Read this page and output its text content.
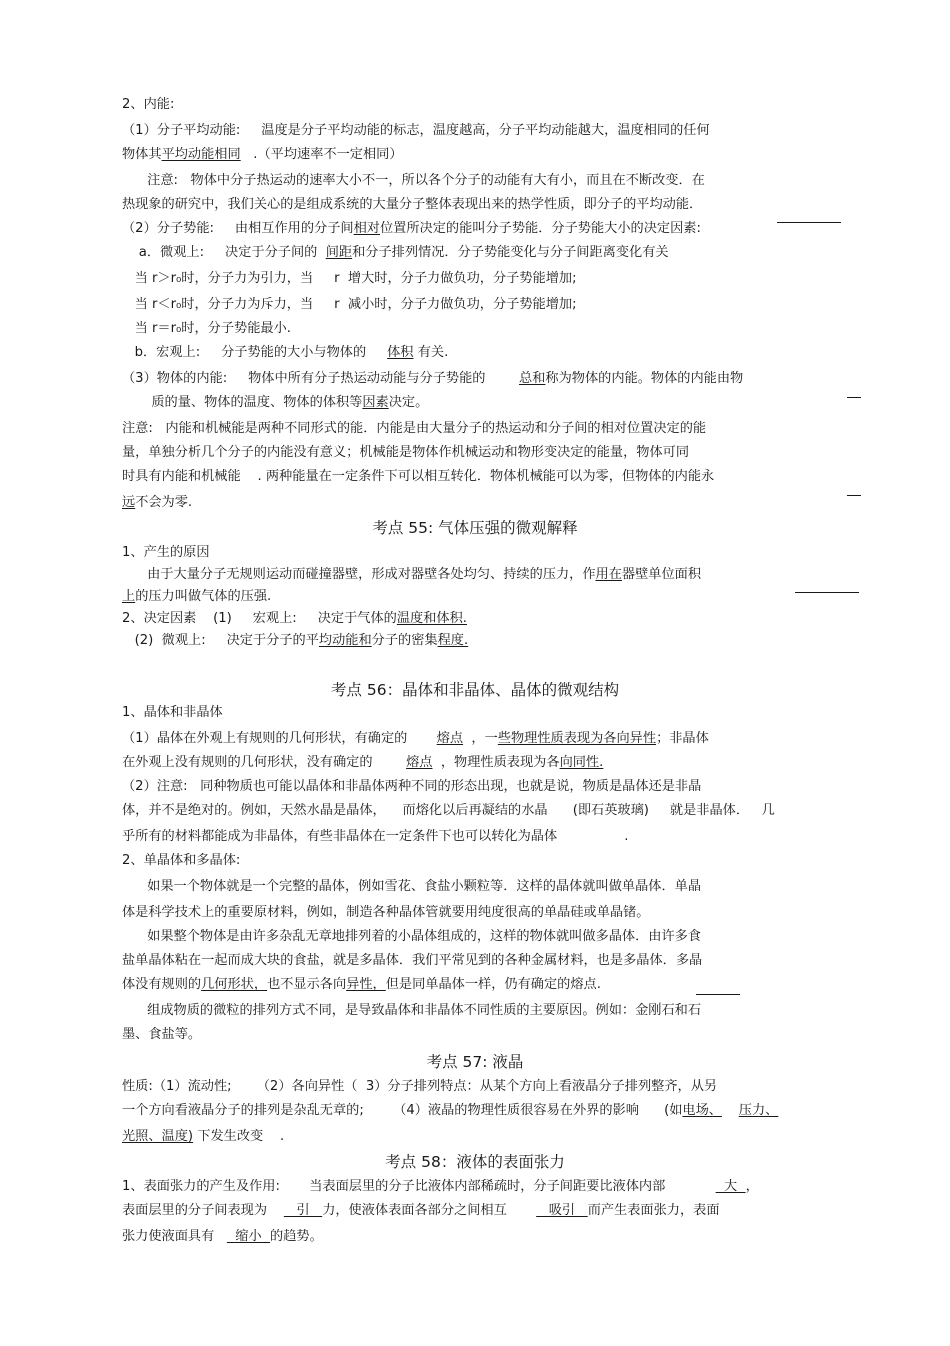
2、内能:
（1）分子平均动能:     温度是分子平均动能的标志，温度越高，分子平均动能越大，温度相同的任何
物体其平均动能相同   .（平均速率不一定相同）
注意:   物体中分子热运动的速率大小不一，所以各个分子的动能有大有小，而且在不断改变．在
热现象的研究中，我们关心的是组成系统的大量分子整体表现出来的热学性质，即分子的平均动能．
（2）分子势能:     由相互作用的分子间相对位置所决定的能叫分子势能．分子势能大小的决定因素:
a．微观上:     决定于分子间的  间距和分子排列情况．分子势能变化与分子间距离变化有关
当 r＞r₀时，分子力为引力，当     r  增大时，分子力做负功，分子势能增加;
当 r＜r₀时，分子力为斥力，当     r  减小时，分子力做负功，分子势能增加;
当 r＝r₀时，分子势能最小.
b．宏观上:     分子势能的大小与物体的     体积 有关.
（3）物体的内能:     物体中所有分子热运动动能与分子势能的        总和称为物体的内能。物体的内能由物
质的量、物体的温度、物体的体积等因素决定。
注意:   内能和机械能是两种不同形式的能．内能是由大量分子的热运动和分子间的相对位置决定的能
量，单独分析几个分子的内能没有意义；机械能是物体作机械运动和物形变决定的能量，物体可同
时具有内能和机械能    . 两种能量在一定条件下可以相互转化．物体机械能可以为零，但物体的内能永
远不会为零.
考点 55: 气体压强的微观解释
1、产生的原因
由于大量分子无规则运动而碰撞器壁，形成对器壁各处均匀、持续的压力，作用在器壁单位面积
上的压力叫做气体的压强.
2、决定因素    (1)     宏观上:     决定于气体的温度和体积.
(2)  微观上:     决定于分子的平均动能和分子的密集程度.
考点 56：晶体和非晶体、晶体的微观结构
1、晶体和非晶体
（1）晶体在外观上有规则的几何形状，有确定的       熔点  ，一些物理性质表现为各向异性；非晶体
在外观上没有规则的几何形状，没有确定的        熔点  ，物理性质表现为各向同性.
（2）注意:   同种物质也可能以晶体和非晶体两种不同的形态出现，也就是说，物质是晶体还是非晶
体，并不是绝对的。例如，天然水晶是晶体，    而熔化以后再凝结的水晶      (即石英玻璃)     就是非晶体．   几
乎所有的材料都能成为非晶体，有些非晶体在一定条件下也可以转化为晶体                .
2、单晶体和多晶体:
如果一个物体就是一个完整的晶体，例如雪花、食盐小颗粒等．这样的晶体就叫做单晶体．单晶
体是科学技术上的重要原材料，例如，制造各种晶体管就要用纯度很高的单晶硅或单晶锗。
如果整个物体是由许多杂乱无章地排列着的小晶体组成的，这样的物体就叫做多晶体．由许多食
盐单晶体粘在一起而成大块的食盐，就是多晶体．我们平常见到的各种金属材料，也是多晶体．多晶
体没有规则的几何形状，也不显示各向异性，但是同单晶体一样，仍有确定的熔点.
组成物质的微粒的排列方式不同，是导致晶体和非晶体不同性质的主要原因。例如：金刚石和石
墨、食盐等。
考点 57: 液晶
性质:（1）流动性;      （2）各向异性（  3）分子排列特点：从某个方向上看液晶分子排列整齐，从另
一个方向看液晶分子的排列是杂乱无章的;       （4）液晶的物理性质很容易在外界的影响      (如电场、 压力、
光照、温度) 下发生改变    .
考点 58：液体的表面张力
1、表面张力的产生及作用:       当表面层里的分子比液体内部稀疏时，分子间距要比液体内部              大  ，
表面层里的分子间表现为       引   力，使液体表面各部分之间相互          吸引   而产生表面张力，表面
张力使液面具有     缩小  的趋势。
